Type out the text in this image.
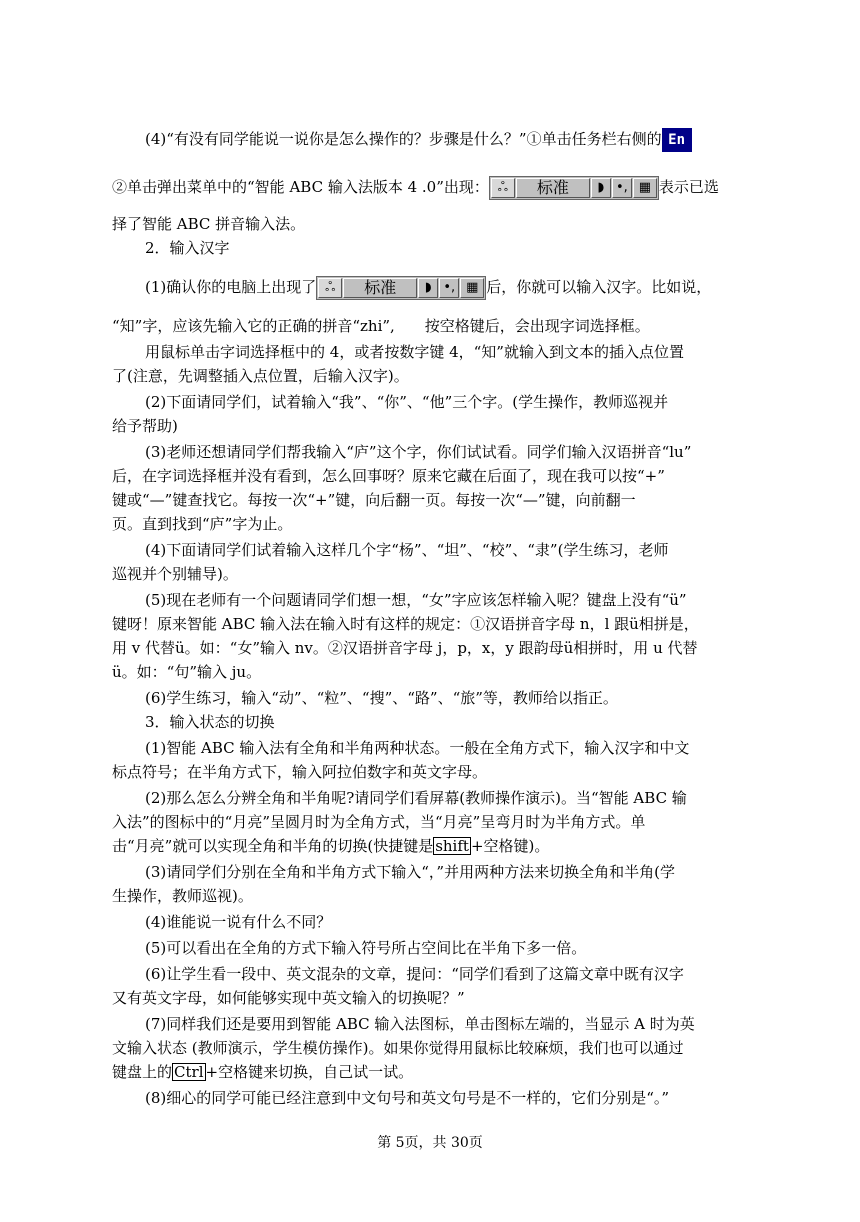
(4)“有没有同学能说一说你是怎么操作的？步骤是什么？”①单击任务栏右侧的 En
②单击弹出菜单中的“智能 ABC 输入法版本 4 .0”出现： ஃ	标准	◗ •, ▦ 表示已选
择了智能 ABC 拼音输入法。
2．输入汉字
(1)确认你的电脑上出现了 ஃ	标准	◗ •, ▦ 后，你就可以输入汉字。比如说，
“知”字，应该先输入它的正确的拼音“zhi”,　　按空格键后，会出现字词选择框。
用鼠标单击字词选择框中的 4，或者按数字键 4，“知”就输入到文本的插入点位置
了(注意，先调整插入点位置，后输入汉字)。
(2)下面请同学们，试着输入“我”、“你”、“他”三个字。(学生操作，教师巡视并
给予帮助)
(3)老师还想请同学们帮我输入“庐”这个字，你们试试看。同学们输入汉语拼音“lu”
后，在字词选择框并没有看到，怎么回事呀？原来它藏在后面了，现在我可以按“+”
键或“—”键查找它。每按一次“+”键，向后翻一页。每按一次“—”键，向前翻一
页。直到找到“庐”字为止。
(4)下面请同学们试着输入这样几个字“杨”、“坦”、“校”、“隶”(学生练习，老师
巡视并个别辅导)。
(5)现在老师有一个问题请同学们想一想，“女”字应该怎样输入呢？键盘上没有“ü”
键呀！原来智能 ABC 输入法在输入时有这样的规定：①汉语拼音字母 n，l 跟ü相拼是，
用 v 代替ü。如：“女”输入 nv。②汉语拼音字母 j，p，x，y 跟韵母ü相拼时，用 u 代替
ü。如：“句”输入 ju。
(6)学生练习，输入“动”、“粒”、“搜”、“路”、“旅”等，教师给以指正。
3．输入状态的切换
(1)智能 ABC 输入法有全角和半角两种状态。一般在全角方式下，输入汉字和中文
标点符号；在半角方式下，输入阿拉伯数字和英文字母。
(2)那么怎么分辨全角和半角呢?请同学们看屏幕(教师操作演示)。当“智能 ABC 输
入法”的图标中的“月亮”呈圆月时为全角方式，当“月亮”呈弯月时为半角方式。单
击“月亮”就可以实现全角和半角的切换(快捷键是 shift +空格键)。
(3)请同学们分别在全角和半角方式下输入“，”并用两种方法来切换全角和半角(学
生操作，教师巡视)。
(4)谁能说一说有什么不同？
(5)可以看出在全角的方式下输入符号所占空间比在半角下多一倍。
(6)让学生看一段中、英文混杂的文章，提问：“同学们看到了这篇文章中既有汉字
又有英文字母，如何能够实现中英文输入的切换呢？”
(7)同样我们还是要用到智能 ABC 输入法图标，单击图标左端的，当显示 A 时为英
文输入状态 (教师演示，学生模仿操作)。如果你觉得用鼠标比较麻烦，我们也可以通过
键盘上的 Ctrl +空格键来切换，自己试一试。
(8)细心的同学可能已经注意到中文句号和英文句号是不一样的，它们分别是“。”
第 5页，共 30页
